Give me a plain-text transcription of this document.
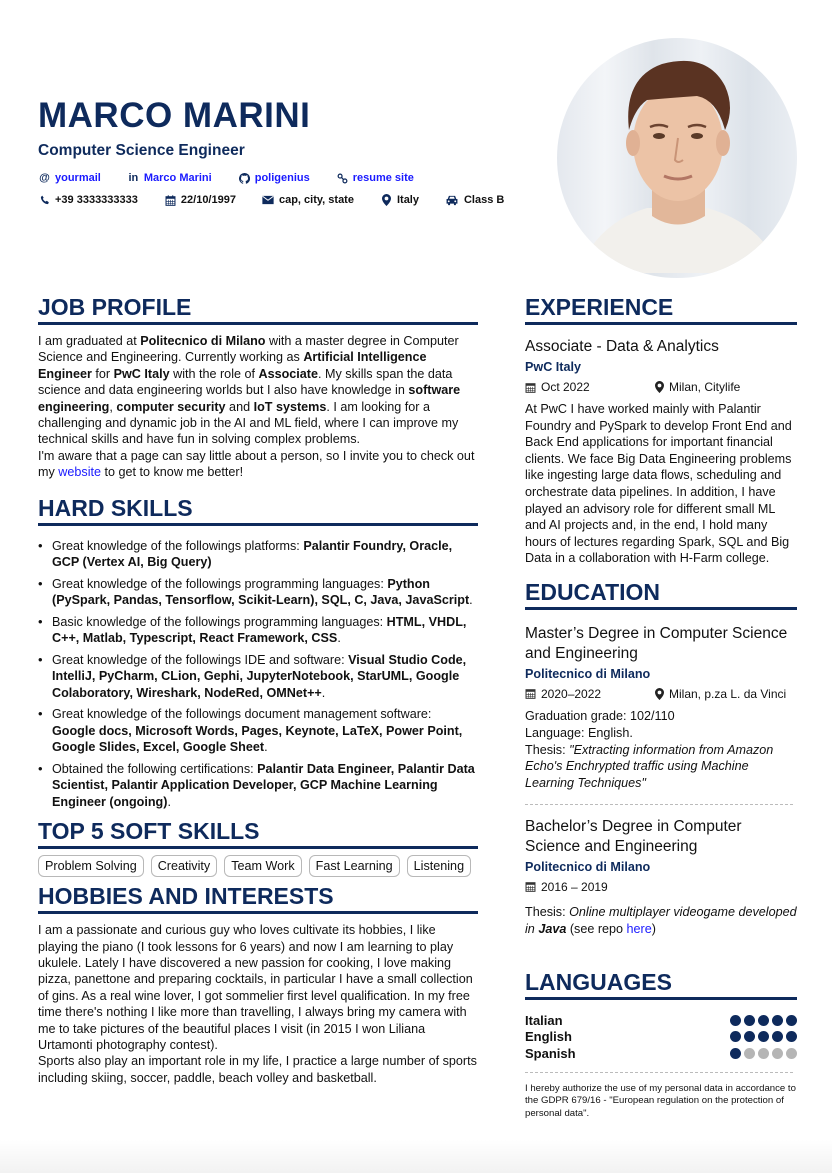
MARCO MARINI
Computer Science Engineer
@ yourmail	in Marco Marini	poligenius	resume site
+39 3333333333	22/10/1997	cap, city, state	Italy	Class B
JOB PROFILE
I am graduated at Politecnico di Milano with a master degree in Computer Science and Engineering. Currently working as Artificial Intelligence Engineer for PwC Italy with the role of Associate. My skills span the data science and data engineering worlds but I also have knowledge in software engineering, computer security and IoT systems. I am looking for a challenging and dynamic job in the AI and ML field, where I can improve my technical skills and have fun in solving complex problems.
I'm aware that a page can say little about a person, so I invite you to check out my website to get to know me better!
HARD SKILLS
• Great knowledge of the followings platforms: Palantir Foundry, Oracle, GCP (Vertex AI, Big Query)
• Great knowledge of the followings programming languages: Python (PySpark, Pandas, Tensorflow, Scikit-Learn), SQL, C, Java, JavaScript.
• Basic knowledge of the followings programming languages: HTML, VHDL, C++, Matlab, Typescript, React Framework, CSS.
• Great knowledge of the followings IDE and software: Visual Studio Code, IntelliJ, PyCharm, CLion, Gephi, JupyterNotebook, StarUML, Google Colaboratory, Wireshark, NodeRed, OMNet++.
• Great knowledge of the followings document management software: Google docs, Microsoft Words, Pages, Keynote, LaTeX, Power Point, Google Slides, Excel, Google Sheet.
• Obtained the following certifications: Palantir Data Engineer, Palantir Data Scientist, Palantir Application Developer, GCP Machine Learning Engineer (ongoing).
TOP 5 SOFT SKILLS
Problem Solving	Creativity	Team Work	Fast Learning	Listening
HOBBIES AND INTERESTS
I am a passionate and curious guy who loves cultivate its hobbies, I like playing the piano (I took lessons for 6 years) and now I am learning to play ukulele. Lately I have discovered a new passion for cooking, I love making pizza, panettone and preparing cocktails, in particular I have a small collection of gins. As a real wine lover, I got sommelier first level qualification. In my free time there's nothing I like more than travelling, I always bring my camera with me to take pictures of the beautiful places I visit (in 2015 I won Liliana Urtamonti photography contest).
Sports also play an important role in my life, I practice a large number of sports including skiing, soccer, paddle, beach volley and basketball.
EXPERIENCE
Associate - Data & Analytics
PwC Italy
Oct 2022	Milan, Citylife
At PwC I have worked mainly with Palantir Foundry and PySpark to develop Front End and Back End applications for important financial clients. We face Big Data Engineering problems like ingesting large data flows, scheduling and orchestrate data pipelines. In addition, I have played an advisory role for different small ML and AI projects and, in the end, I hold many hours of lectures regarding Spark, SQL and Big Data in a collaboration with H-Farm college.
EDUCATION
Master’s Degree in Computer Science and Engineering
Politecnico di Milano
2020–2022	Milan, p.za L. da Vinci
Graduation grade: 102/110
Language: English.
Thesis: "Extracting information from Amazon Echo's Enchrypted traffic using Machine Learning Techniques"
Bachelor’s Degree in Computer Science and Engineering
Politecnico di Milano
2016 – 2019
Thesis: Online multiplayer videogame developed in Java (see repo here)
LANGUAGES
Italian
English
Spanish
I hereby authorize the use of my personal data in accordance to the GDPR 679/16 - "European regulation on the protection of personal data".
